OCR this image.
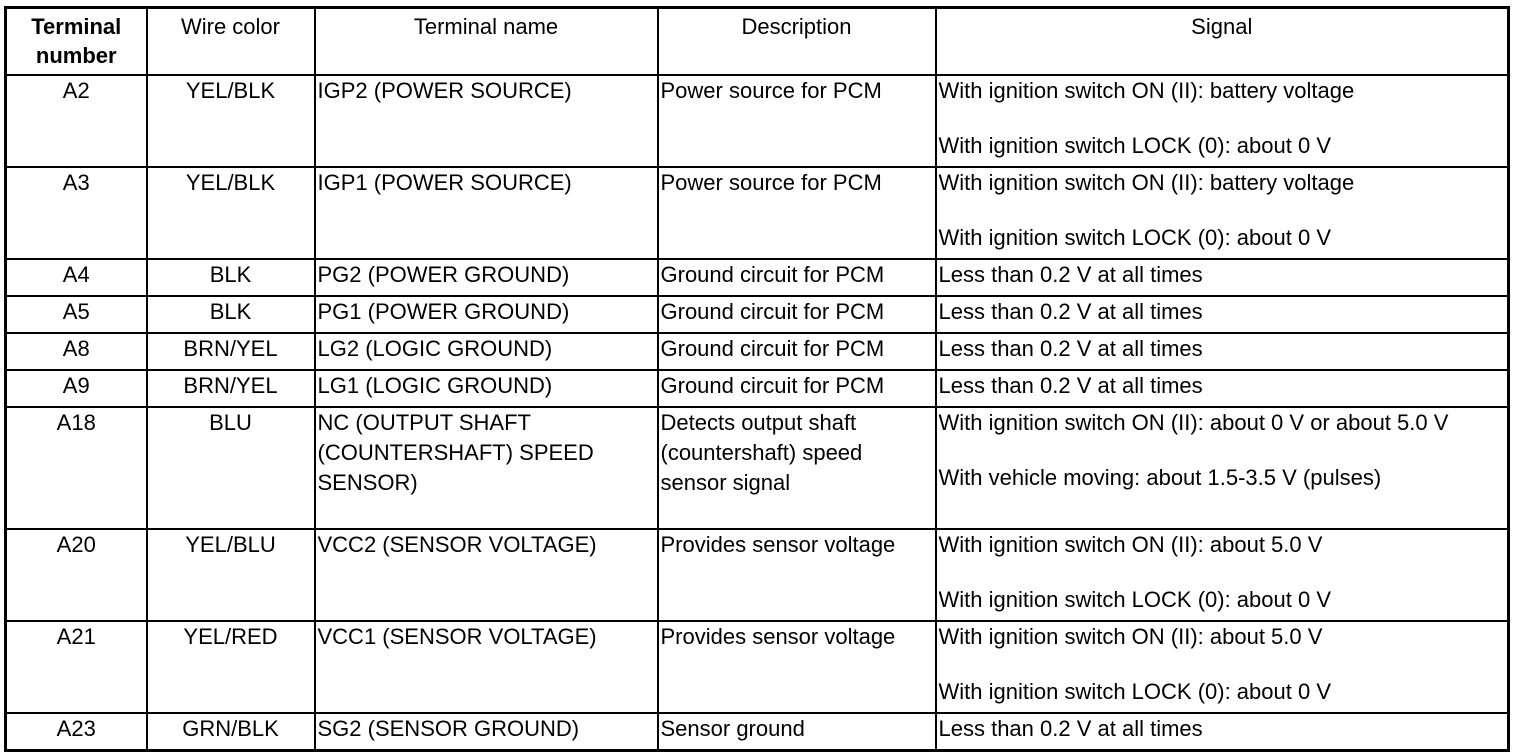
Terminal number	Wire color	Terminal name	Description	Signal
A2	YEL/BLK	IGP2 (POWER SOURCE)	Power source for PCM	With ignition switch ON (II): battery voltage
With ignition switch LOCK (0): about 0 V

A3	YEL/BLK	IGP1 (POWER SOURCE)	Power source for PCM	With ignition switch ON (II): battery voltage
With ignition switch LOCK (0): about 0 V

A4	BLK	PG2 (POWER GROUND)	Ground circuit for PCM	Less than 0.2 V at all times

A5	BLK	PG1 (POWER GROUND)	Ground circuit for PCM	Less than 0.2 V at all times

A8	BRN/YEL	LG2 (LOGIC GROUND)	Ground circuit for PCM	Less than 0.2 V at all times

A9	BRN/YEL	LG1 (LOGIC GROUND)	Ground circuit for PCM	Less than 0.2 V at all times

A18	BLU	NC (OUTPUT SHAFT (COUNTERSHAFT) SPEED SENSOR)	Detects output shaft (countershaft) speed sensor signal	With ignition switch ON (II): about 0 V or about 5.0 V
With vehicle moving: about 1.5-3.5 V (pulses)

A20	YEL/BLU	VCC2 (SENSOR VOLTAGE)	Provides sensor voltage	With ignition switch ON (II): about 5.0 V
With ignition switch LOCK (0): about 0 V

A21	YEL/RED	VCC1 (SENSOR VOLTAGE)	Provides sensor voltage	With ignition switch ON (II): about 5.0 V
With ignition switch LOCK (0): about 0 V

A23	GRN/BLK	SG2 (SENSOR GROUND)	Sensor ground	Less than 0.2 V at all times
